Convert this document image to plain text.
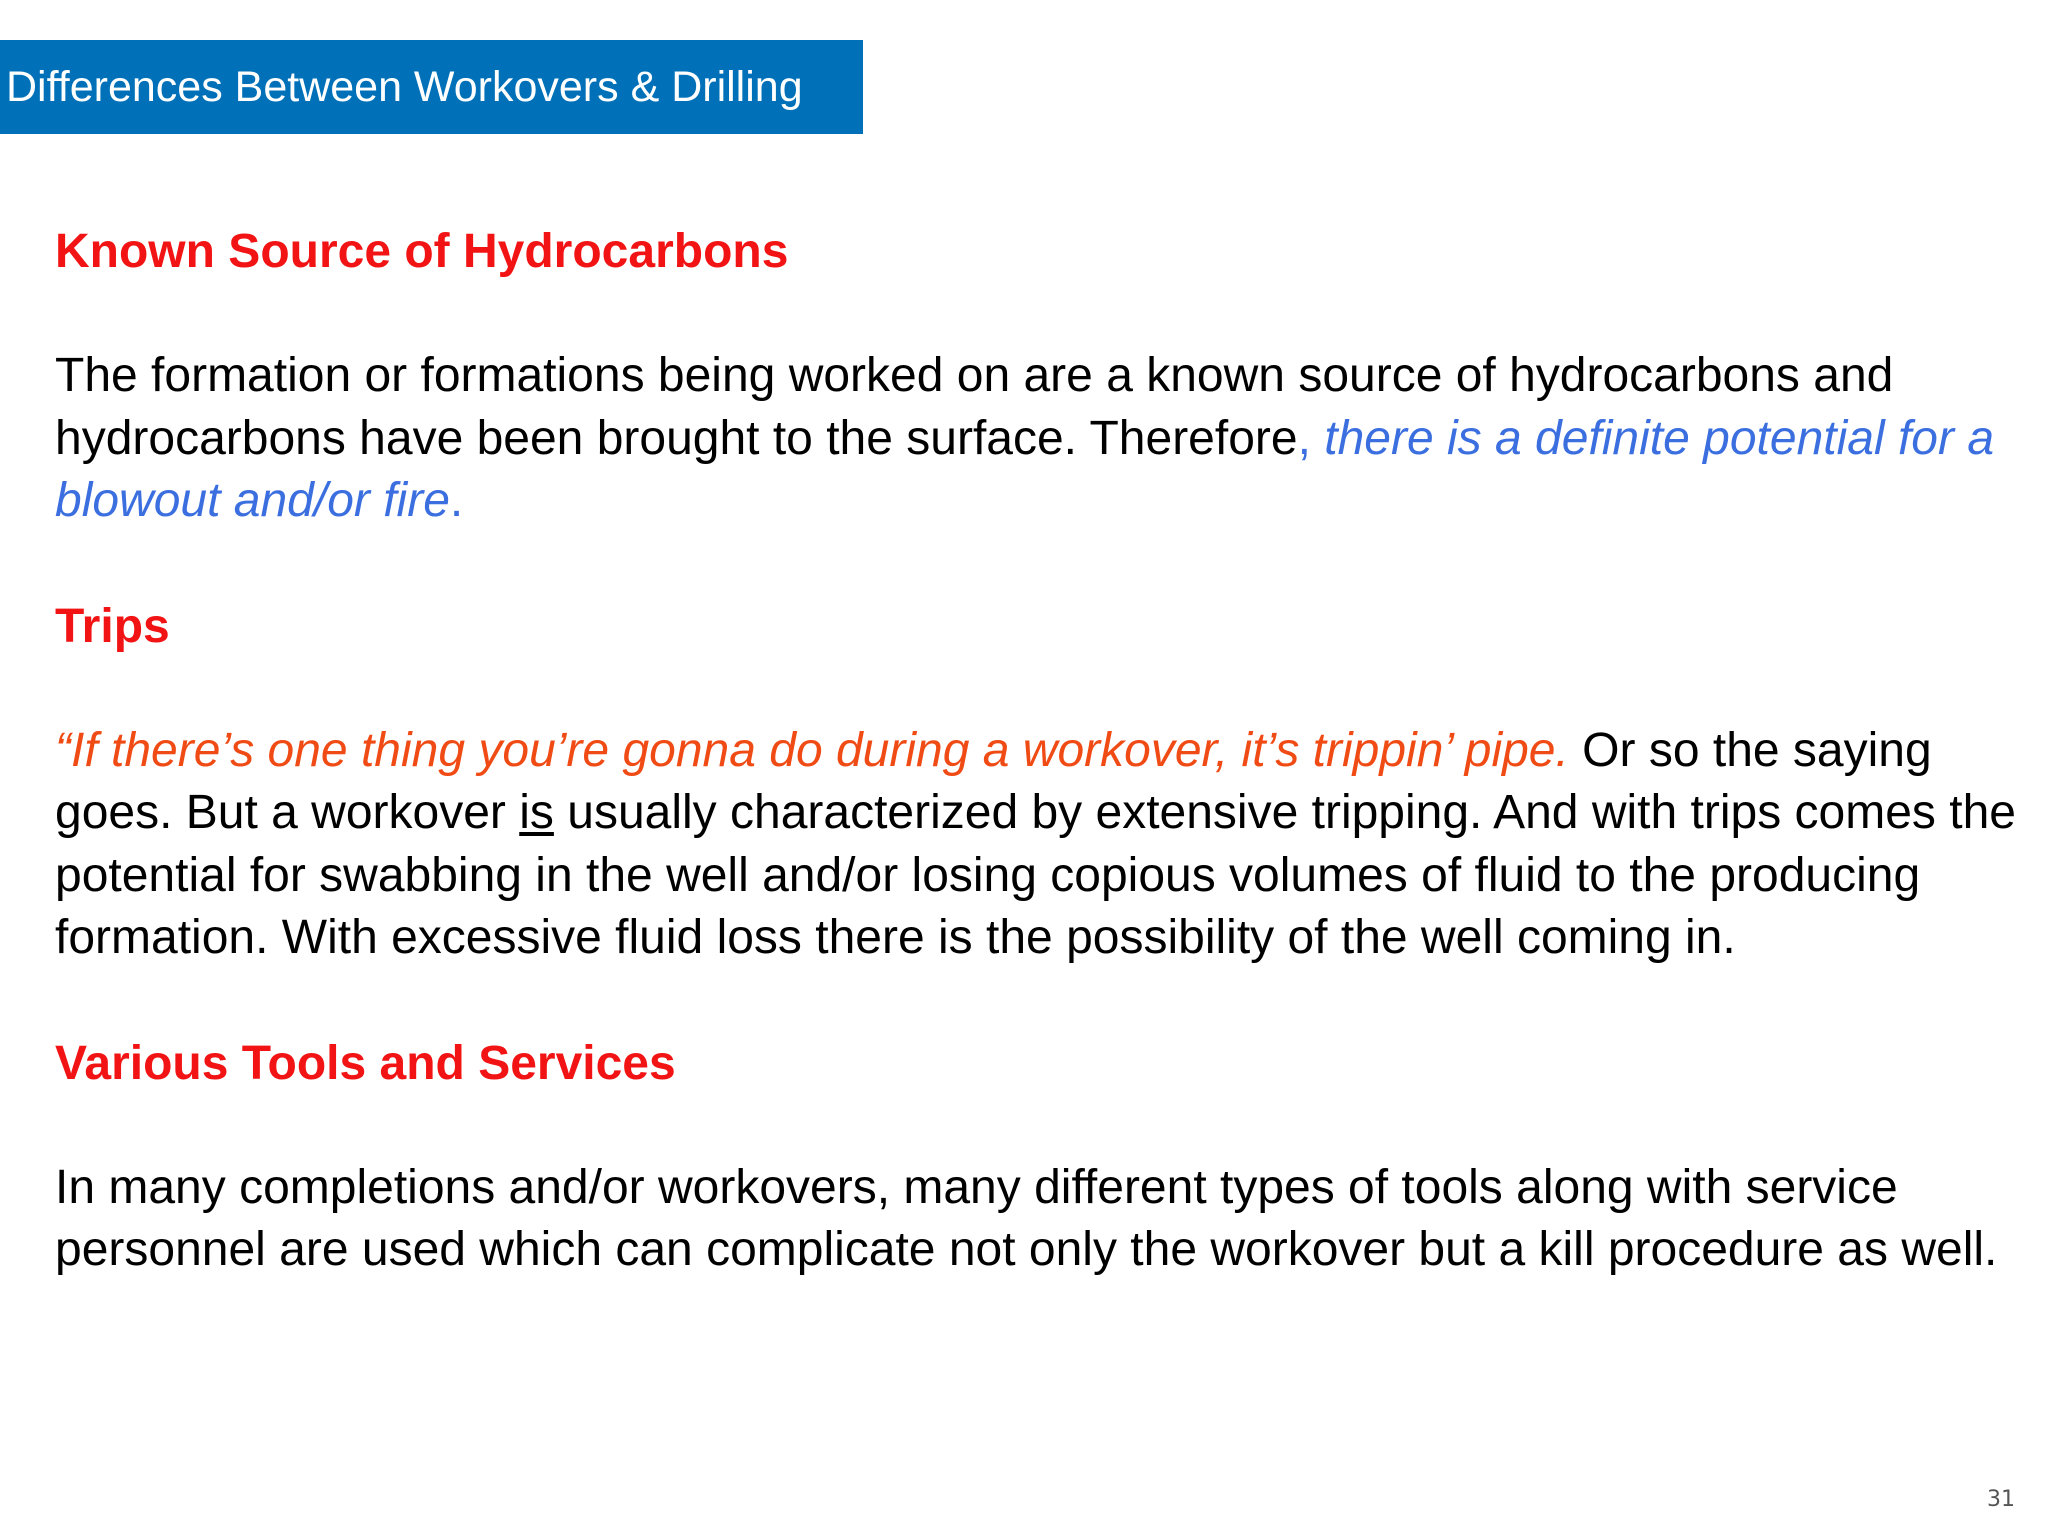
Differences Between Workovers & Drilling

Known Source of Hydrocarbons

The formation or formations being worked on are a known source of hydrocarbons and hydrocarbons have been brought to the surface. Therefore, there is a definite potential for a blowout and/or fire.

Trips

“If there’s one thing you’re gonna do during a workover, it’s trippin’ pipe. Or so the saying goes. But a workover is usually characterized by extensive tripping. And with trips comes the potential for swabbing in the well and/or losing copious volumes of fluid to the producing formation. With excessive fluid loss there is the possibility of the well coming in.

Various Tools and Services

In many completions and/or workovers, many different types of tools along with service personnel are used which can complicate not only the workover but a kill procedure as well.

31
